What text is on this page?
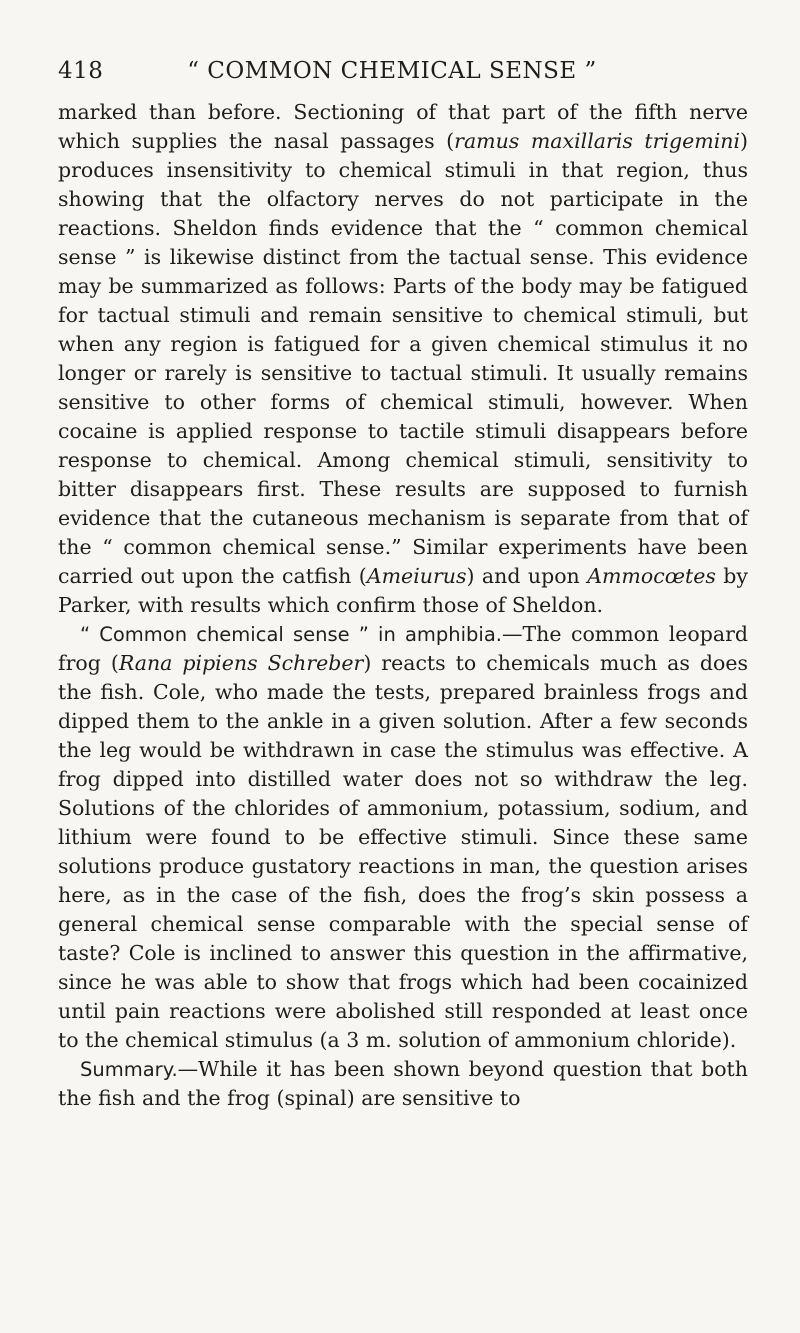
418	“ COMMON CHEMICAL SENSE ”

marked than before. Sectioning of that part of the fifth nerve which supplies the nasal passages (ramus maxillaris trigemini) produces insensitivity to chemical stimuli in that region, thus showing that the olfactory nerves do not participate in the reactions. Sheldon finds evidence that the “ common chemical sense ” is likewise distinct from the tactual sense. This evidence may be summarized as follows: Parts of the body may be fatigued for tactual stimuli and remain sensitive to chemical stimuli, but when any region is fatigued for a given chemical stimulus it no longer or rarely is sensitive to tactual stimuli. It usually remains sensitive to other forms of chemical stimuli, however. When cocaine is applied response to tactile stimuli disappears before response to chemical. Among chemical stimuli, sensitivity to bitter disappears first. These results are supposed to furnish evidence that the cutaneous mechanism is separate from that of the “ common chemical sense.” Similar experiments have been carried out upon the catfish (Ameiurus) and upon Ammocœtes by Parker, with results which confirm those of Sheldon.

“ Common chemical sense ” in amphibia.—The common leopard frog (Rana pipiens Schreber) reacts to chemicals much as does the fish. Cole, who made the tests, prepared brainless frogs and dipped them to the ankle in a given solution. After a few seconds the leg would be withdrawn in case the stimulus was effective. A frog dipped into distilled water does not so withdraw the leg. Solutions of the chlorides of ammonium, potassium, sodium, and lithium were found to be effective stimuli. Since these same solutions produce gustatory reactions in man, the question arises here, as in the case of the fish, does the frog’s skin possess a general chemical sense comparable with the special sense of taste? Cole is inclined to answer this question in the affirmative, since he was able to show that frogs which had been cocainized until pain reactions were abolished still responded at least once to the chemical stimulus (a 3 m. solution of ammonium chloride).

Summary.—While it has been shown beyond question that both the fish and the frog (spinal) are sensitive to
